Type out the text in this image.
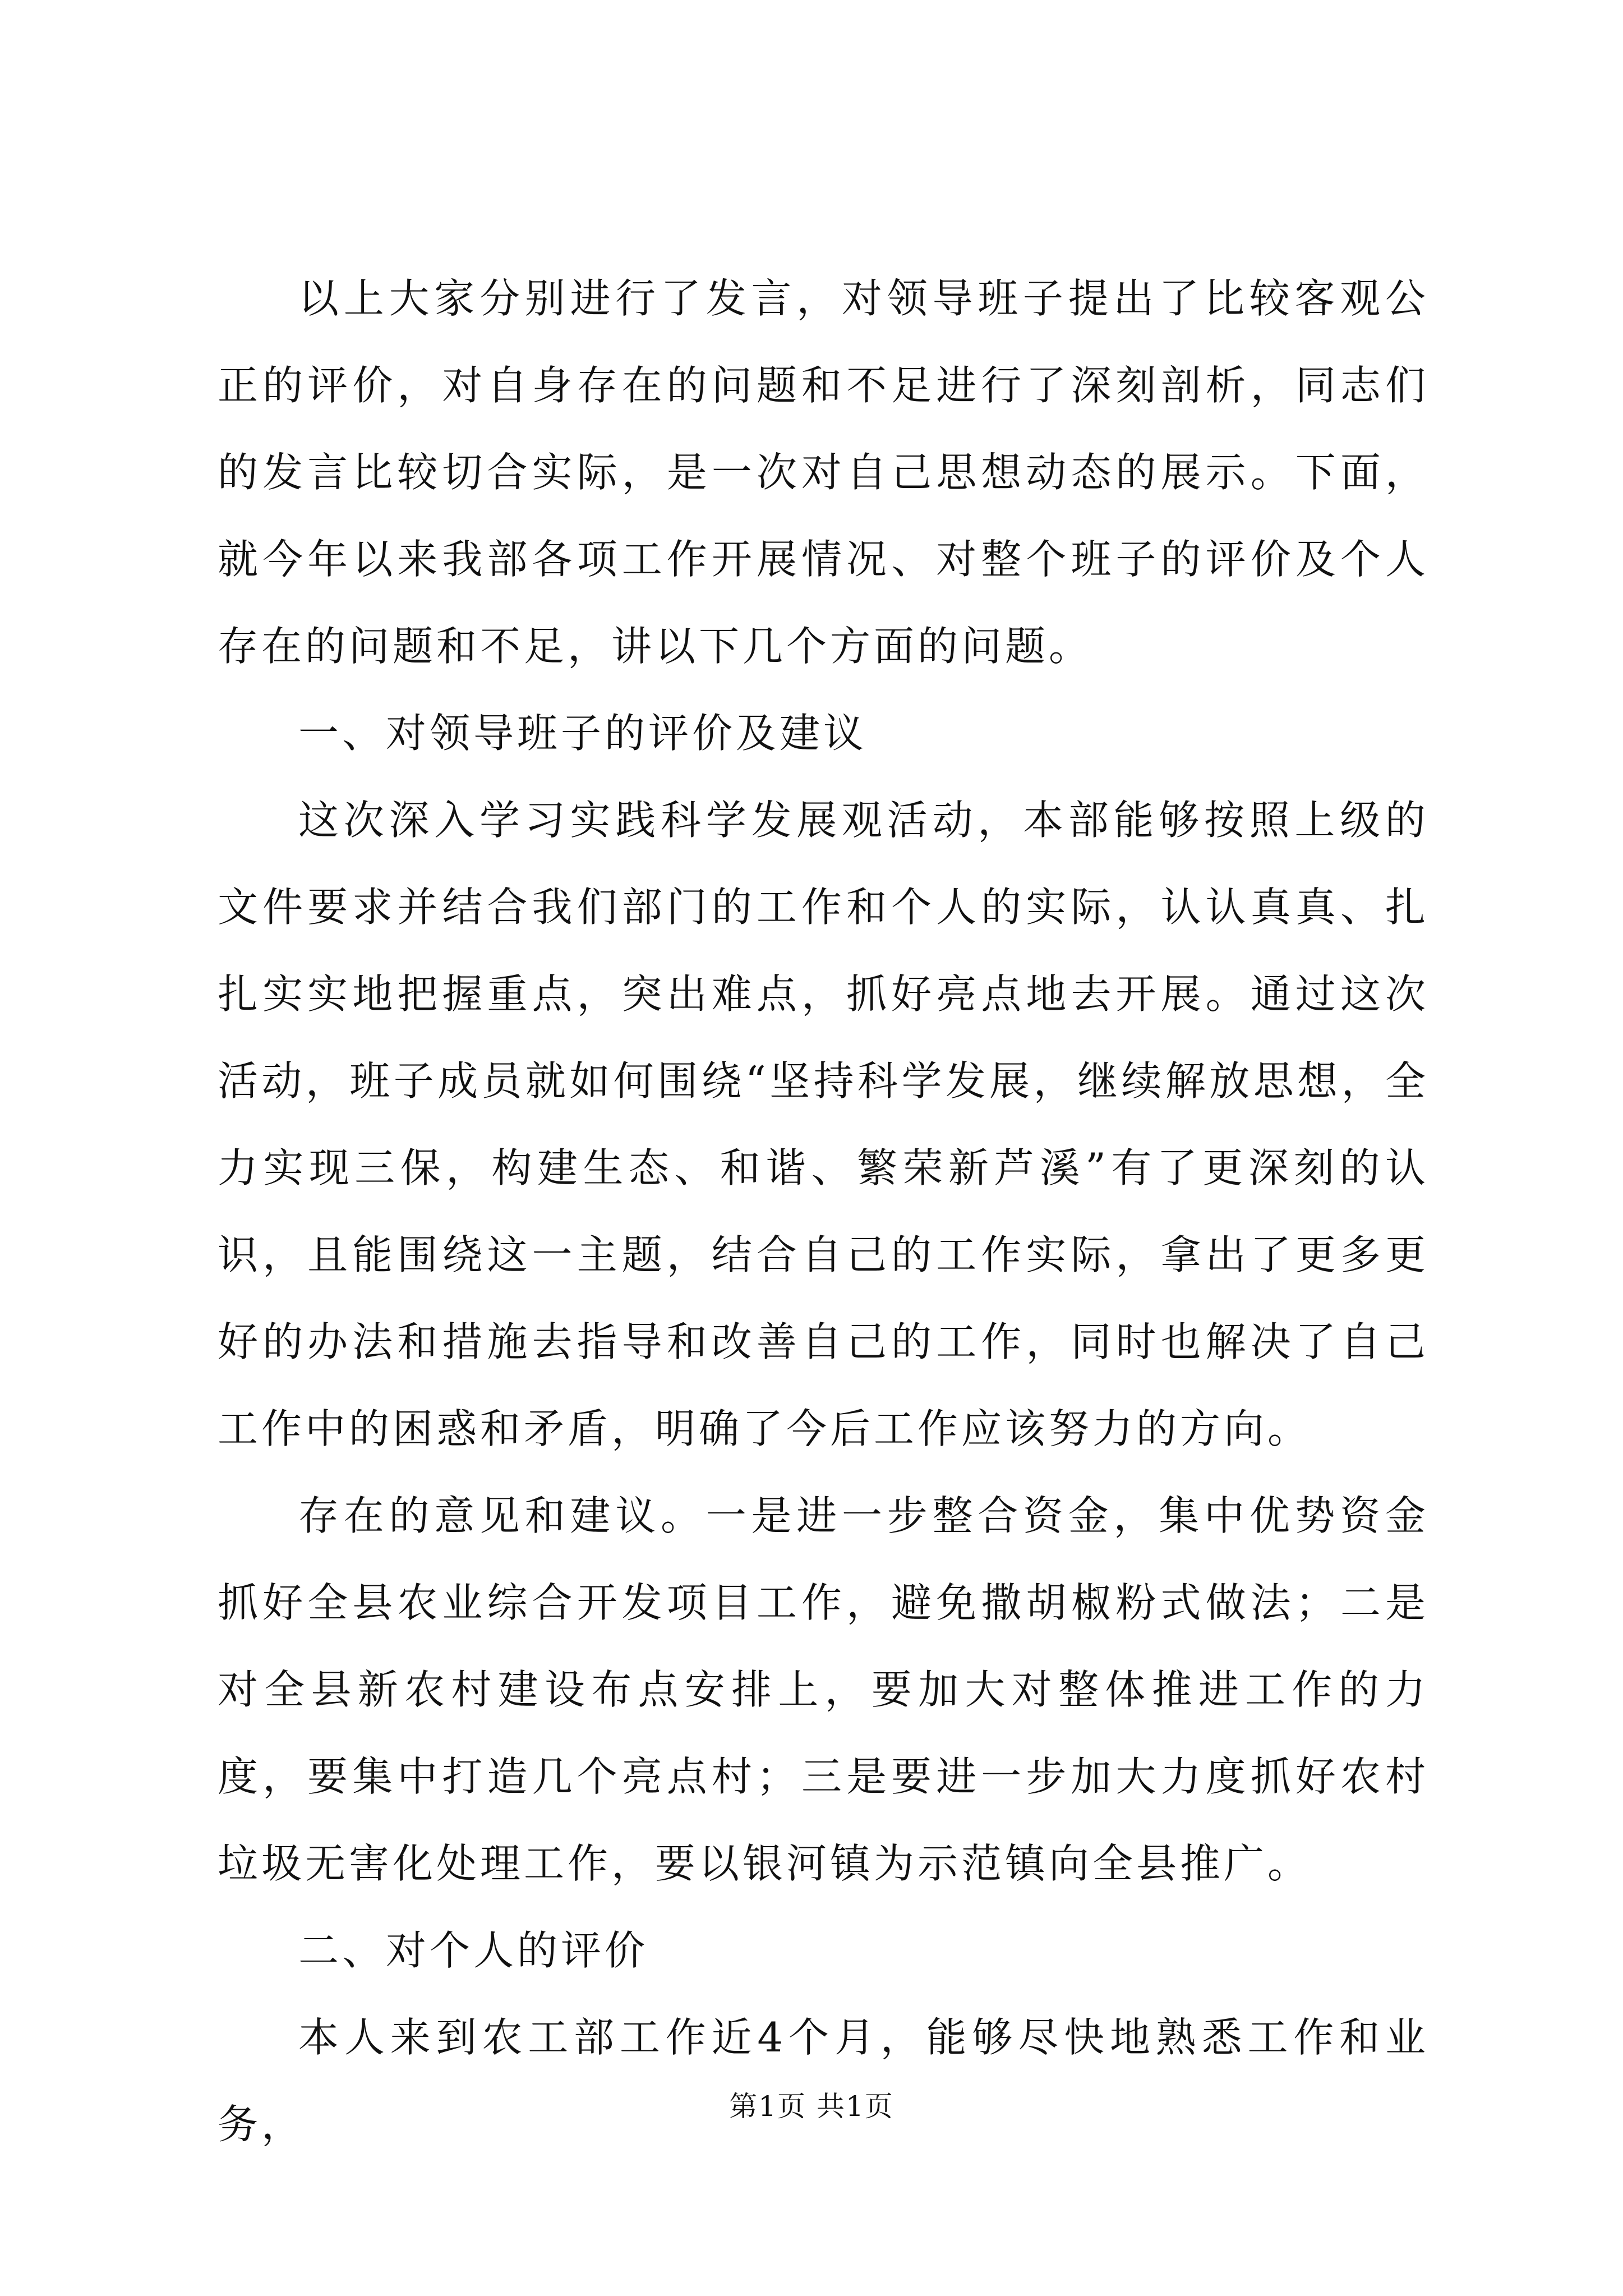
以上大家分别进行了发言，对领导班子提出了比较客观公正的评价，对自身存在的问题和不足进行了深刻剖析，同志们的发言比较切合实际，是一次对自己思想动态的展示。下面，就今年以来我部各项工作开展情况、对整个班子的评价及个人存在的问题和不足，讲以下几个方面的问题。

一、对领导班子的评价及建议

这次深入学习实践科学发展观活动，本部能够按照上级的文件要求并结合我们部门的工作和个人的实际，认认真真、扎扎实实地把握重点，突出难点，抓好亮点地去开展。通过这次活动，班子成员就如何围绕“坚持科学发展，继续解放思想，全力实现三保，构建生态、和谐、繁荣新芦溪”有了更深刻的认识，且能围绕这一主题，结合自己的工作实际，拿出了更多更好的办法和措施去指导和改善自己的工作，同时也解决了自己工作中的困惑和矛盾，明确了今后工作应该努力的方向。

存在的意见和建议。一是进一步整合资金，集中优势资金抓好全县农业综合开发项目工作，避免撒胡椒粉式做法；二是对全县新农村建设布点安排上，要加大对整体推进工作的力度，要集中打造几个亮点村；三是要进一步加大力度抓好农村垃圾无害化处理工作，要以银河镇为示范镇向全县推广。

二、对个人的评价

本人来到农工部工作近4个月，能够尽快地熟悉工作和业务，	第1页 共1页
